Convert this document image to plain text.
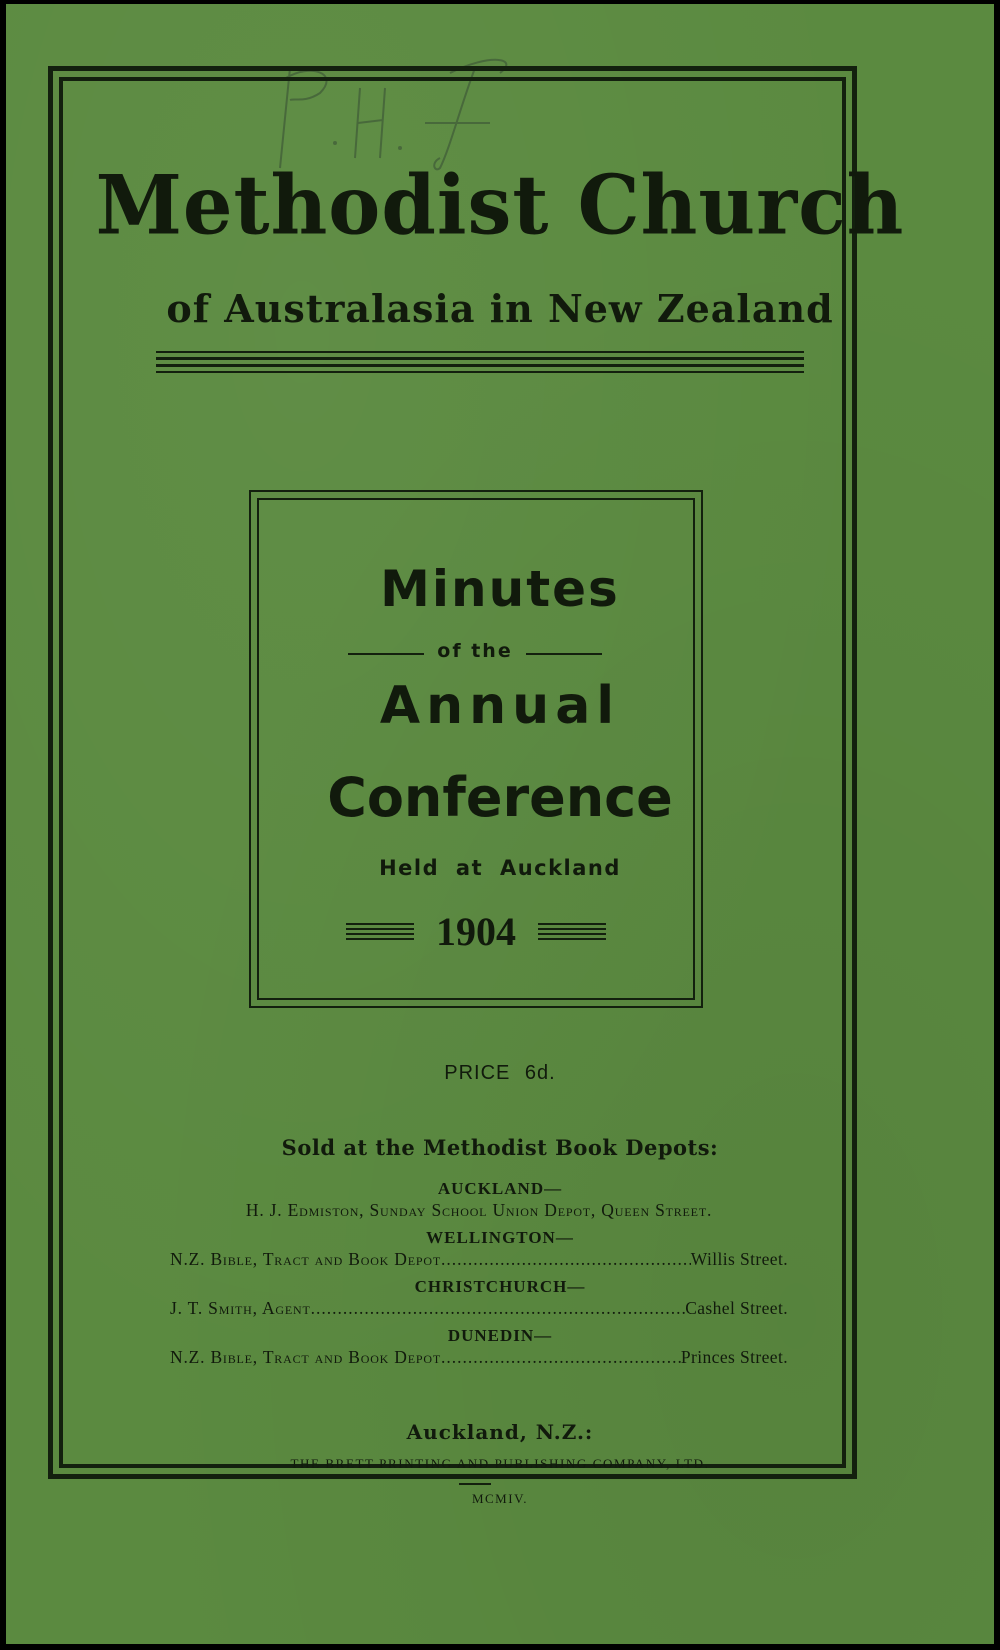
Methodist Church
of Australasia in New Zealand
Minutes
of the
Annual
Conference
Held at Auckland
1904
PRICE 6d.
Sold at the Methodist Book Depots:
AUCKLAND—
H. J. Edmiston, Sunday School Union Depot, Queen Street.
WELLINGTON—
N.Z. Bible, Tract and Book Depot .....	Willis Street.
CHRISTCHURCH—
J. T. Smith, Agent .....	Cashel Street.
DUNEDIN—
N.Z. Bible, Tract and Book Depot .....	Princes Street.
Auckland, N.Z.:
THE BRETT PRINTING AND PUBLISHING COMPANY, LTD.
MCMIV.
